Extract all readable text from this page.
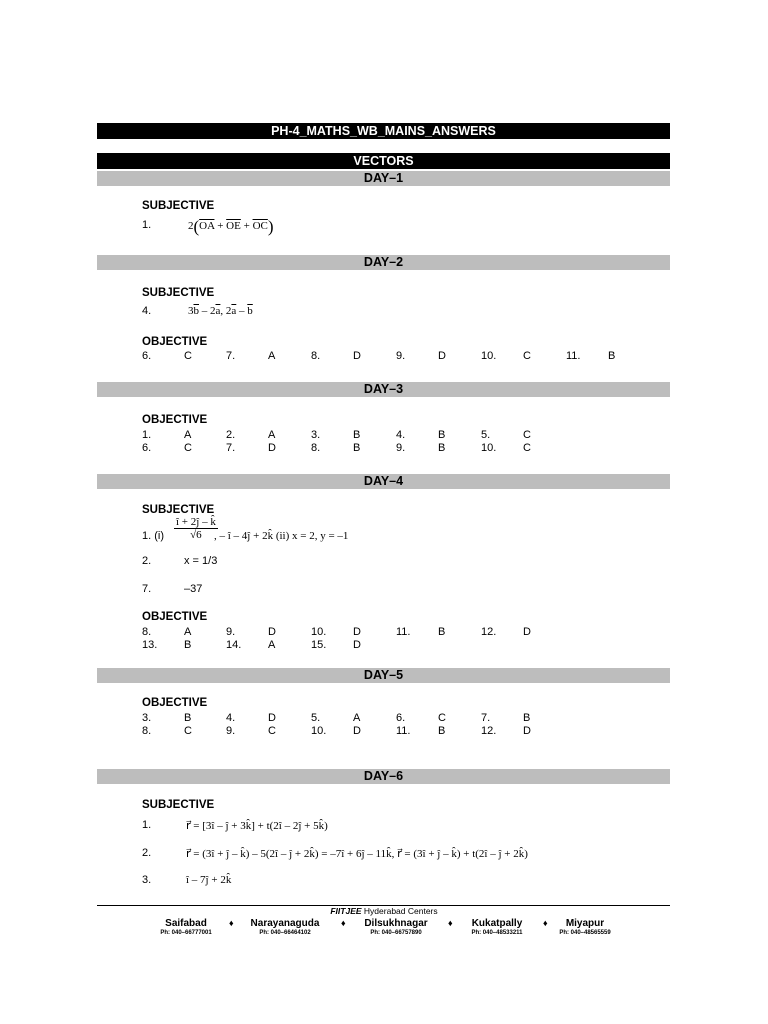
PH-4_MATHS_WB_MAINS_ANSWERS
VECTORS
DAY–1
SUBJECTIVE
1.	$2(\overline{OA} + \overline{OE} + \overline{OC})$
DAY–2
SUBJECTIVE
4.	$3\overline{b} - 2\overline{a}$, $2\overline{a} - \overline{b}$
OBJECTIVE
6.	C	7.	A	8.	D	9.	D	10. C	11.	B
DAY–3
OBJECTIVE
1.	A	2.	A	3.	B	4.	B	5.	C
6.	C	7.	D	8.	B	9.	B	10. C
DAY–4
SUBJECTIVE
1. $(i) \frac{î + 2ĵ - k̂}{√6}$
, – î – 4ĵ + 2k̂ (ii) x = 2, y = –1
2.	x = 1/3
7.	–37
OBJECTIVE
8.	A	9.	D	10. D	11.	B	12. D
13. B	14. A	15. D
DAY–5
OBJECTIVE
3.	B	4.	D	5.	A	6.	C	7.	B
8.	C	9.	C	10. D	11.	B	12. D
DAY–6
SUBJECTIVE
1.	r⃗ = [3î – ĵ + 3k̂] + t(2î – 2ĵ + 5k̂)
2.	r⃗ = (3î + ĵ – k̂) – 5(2î – ĵ + 2k̂) = –7î + 6ĵ – 11k̂, r⃗ = (3î + ĵ – k̂) + t(2î – ĵ + 2k̂)
3.	î – 7ĵ + 2k̂
FIITJEE Hyderabad Centers
Saifabad
Ph: 040–66777001
♦	Narayanaguda
Ph: 040–66464102
♦	Dilsukhnagar
Ph: 040–66757890
♦	Kukatpally
Ph: 040–48533211
♦	Miyapur
Ph: 040–48565559
